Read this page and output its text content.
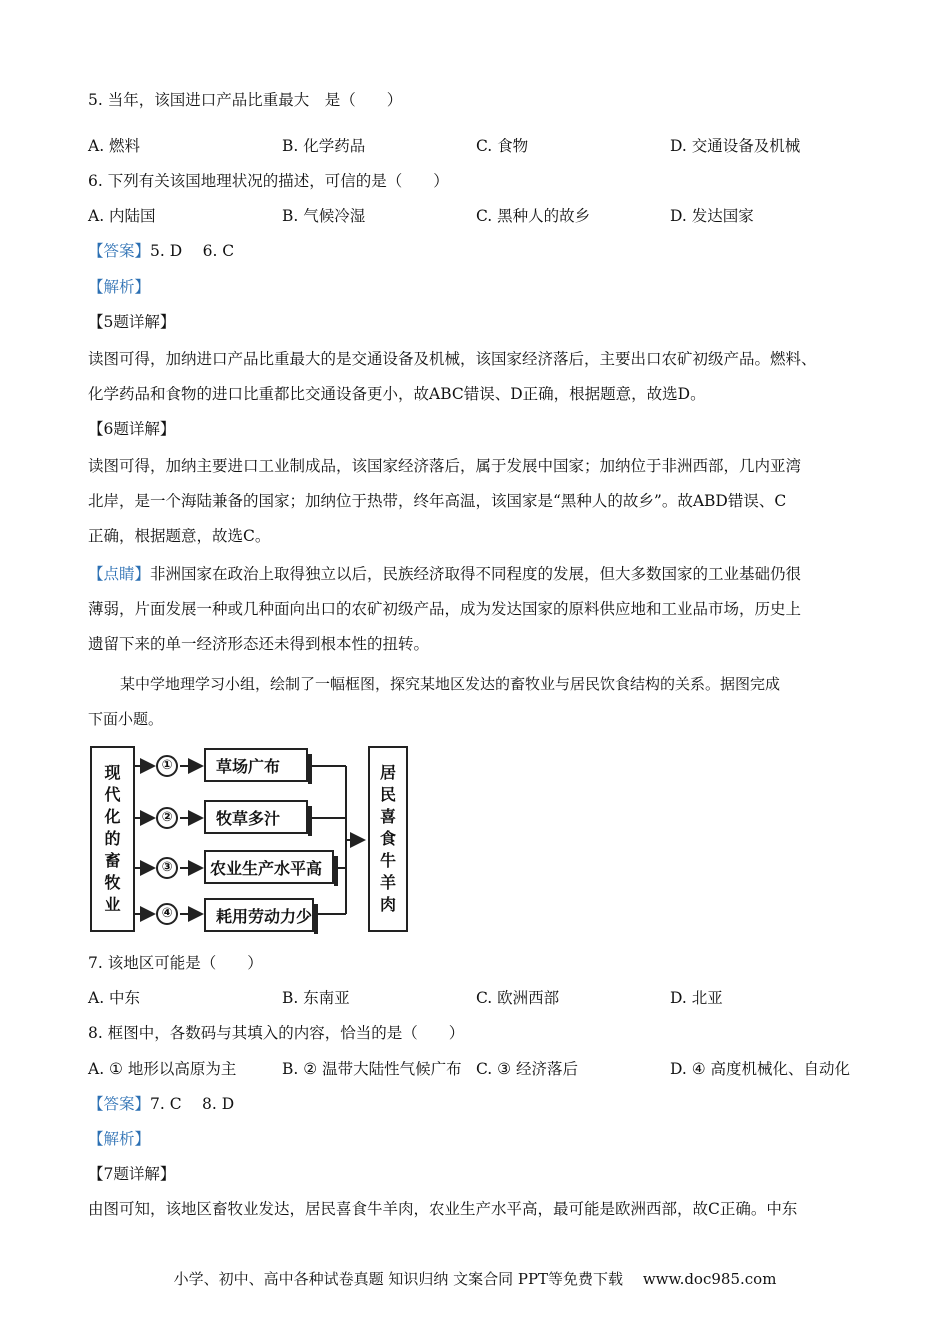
5. 当年，该国进口产品比重最大　是（　　）
A. 燃料	B. 化学药品	C. 食物	D. 交通设备及机械
6. 下列有关该国地理状况的描述，可信的是（　　）
A. 内陆国	B. 气候冷湿	C. 黑种人的故乡	D. 发达国家
【答案】5. D　 6. C
【解析】
【5题详解】
读图可得，加纳进口产品比重最大的是交通设备及机械，该国家经济落后，主要出口农矿初级产品。燃料、
化学药品和食物的进口比重都比交通设备更小，故ABC错误、D正确，根据题意，故选D。
【6题详解】
读图可得，加纳主要进口工业制成品，该国家经济落后，属于发展中国家；加纳位于非洲西部，几内亚湾
北岸，是一个海陆兼备的国家；加纳位于热带，终年高温，该国家是“黑种人的故乡”。故ABD错误、C
正确，根据题意，故选C。
【点睛】非洲国家在政治上取得独立以后，民族经济取得不同程度的发展，但大多数国家的工业基础仍很
薄弱，片面发展一种或几种面向出口的农矿初级产品，成为发达国家的原料供应地和工业品市场，历史上
遗留下来的单一经济形态还未得到根本性的扭转。
某中学地理学习小组，绘制了一幅框图，探究某地区发达的畜牧业与居民饮食结构的关系。据图完成
下面小题。
现
代
化
的
畜
牧
业
①
②
③
④
草场广布
牧草多汁
农业生产水平高
耗用劳动力少
居
民
喜
食
牛
羊
肉
7. 该地区可能是（　　）
A. 中东	B. 东南亚	C. 欧洲西部	D. 北亚
8. 框图中，各数码与其填入的内容，恰当的是（　　）
A. ① 地形以高原为主	B. ② 温带大陆性气候广布 C. ③ 经济落后	D. ④ 高度机械化、自动化
【答案】7. C　 8. D
【解析】
【7题详解】
由图可知，该地区畜牧业发达，居民喜食牛羊肉，农业生产水平高，最可能是欧洲西部，故C正确。中东
小学、初中、高中各种试卷真题 知识归纳 文案合同 PPT等免费下载　 www.doc985.com
